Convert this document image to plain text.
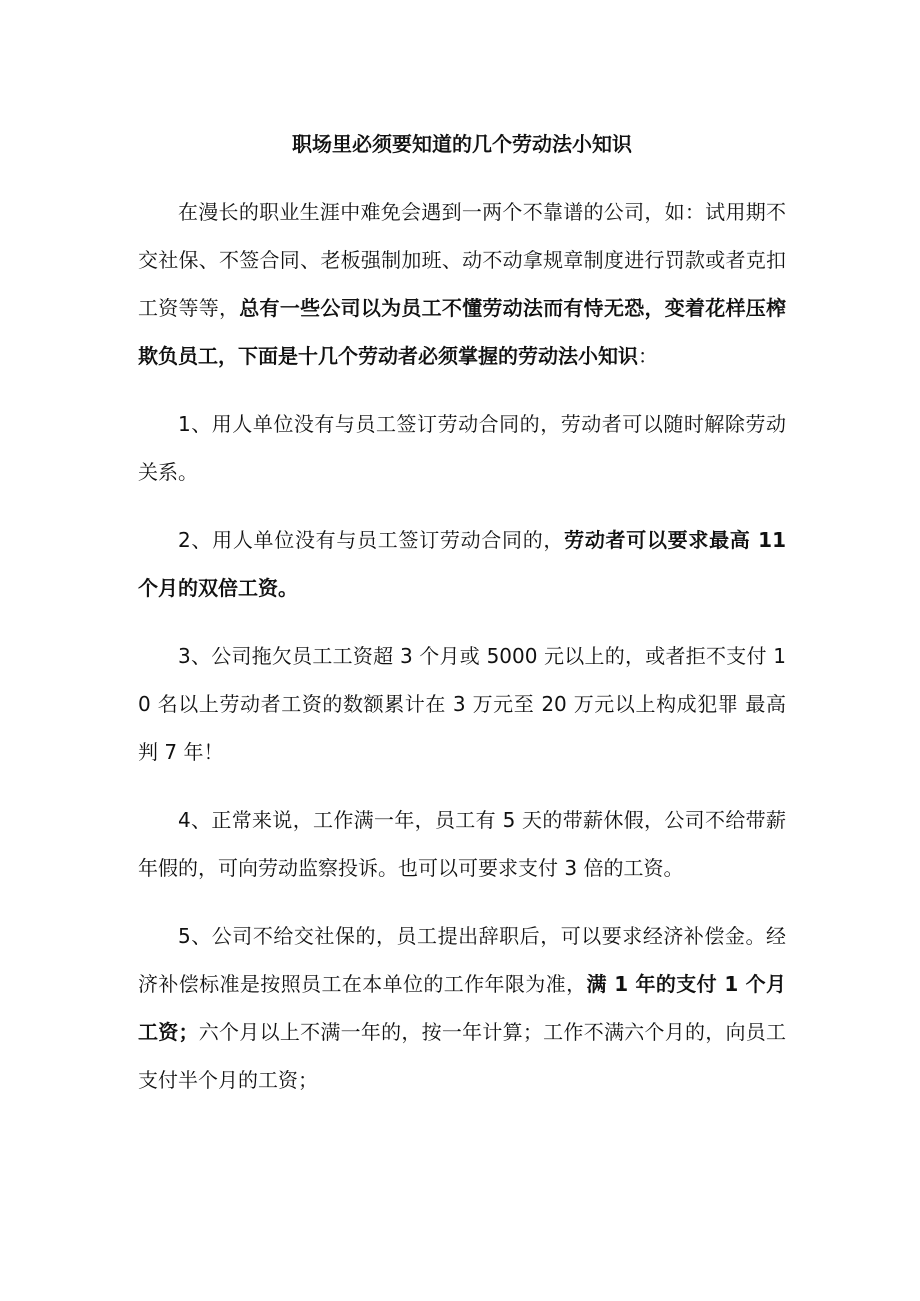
职场里必须要知道的几个劳动法小知识

在漫长的职业生涯中难免会遇到一两个不靠谱的公司，如：试用期不交社保、不签合同、老板强制加班、动不动拿规章制度进行罚款或者克扣工资等等，总有一些公司以为员工不懂劳动法而有恃无恐，变着花样压榨欺负员工，下面是十几个劳动者必须掌握的劳动法小知识：

1、用人单位没有与员工签订劳动合同的，劳动者可以随时解除劳动关系。

2、用人单位没有与员工签订劳动合同的，劳动者可以要求最高 11 个月的双倍工资。

3、公司拖欠员工工资超 3 个月或 5000 元以上的，或者拒不支付 10 名以上劳动者工资的数额累计在 3 万元至 20 万元以上构成犯罪 最高判 7 年！

4、正常来说，工作满一年，员工有 5 天的带薪休假，公司不给带薪年假的，可向劳动监察投诉。也可以可要求支付 3 倍的工资。

5、公司不给交社保的，员工提出辞职后，可以要求经济补偿金。经济补偿标准是按照员工在本单位的工作年限为准，满 1 年的支付 1 个月工资；六个月以上不满一年的，按一年计算；工作不满六个月的，向员工支付半个月的工资；
